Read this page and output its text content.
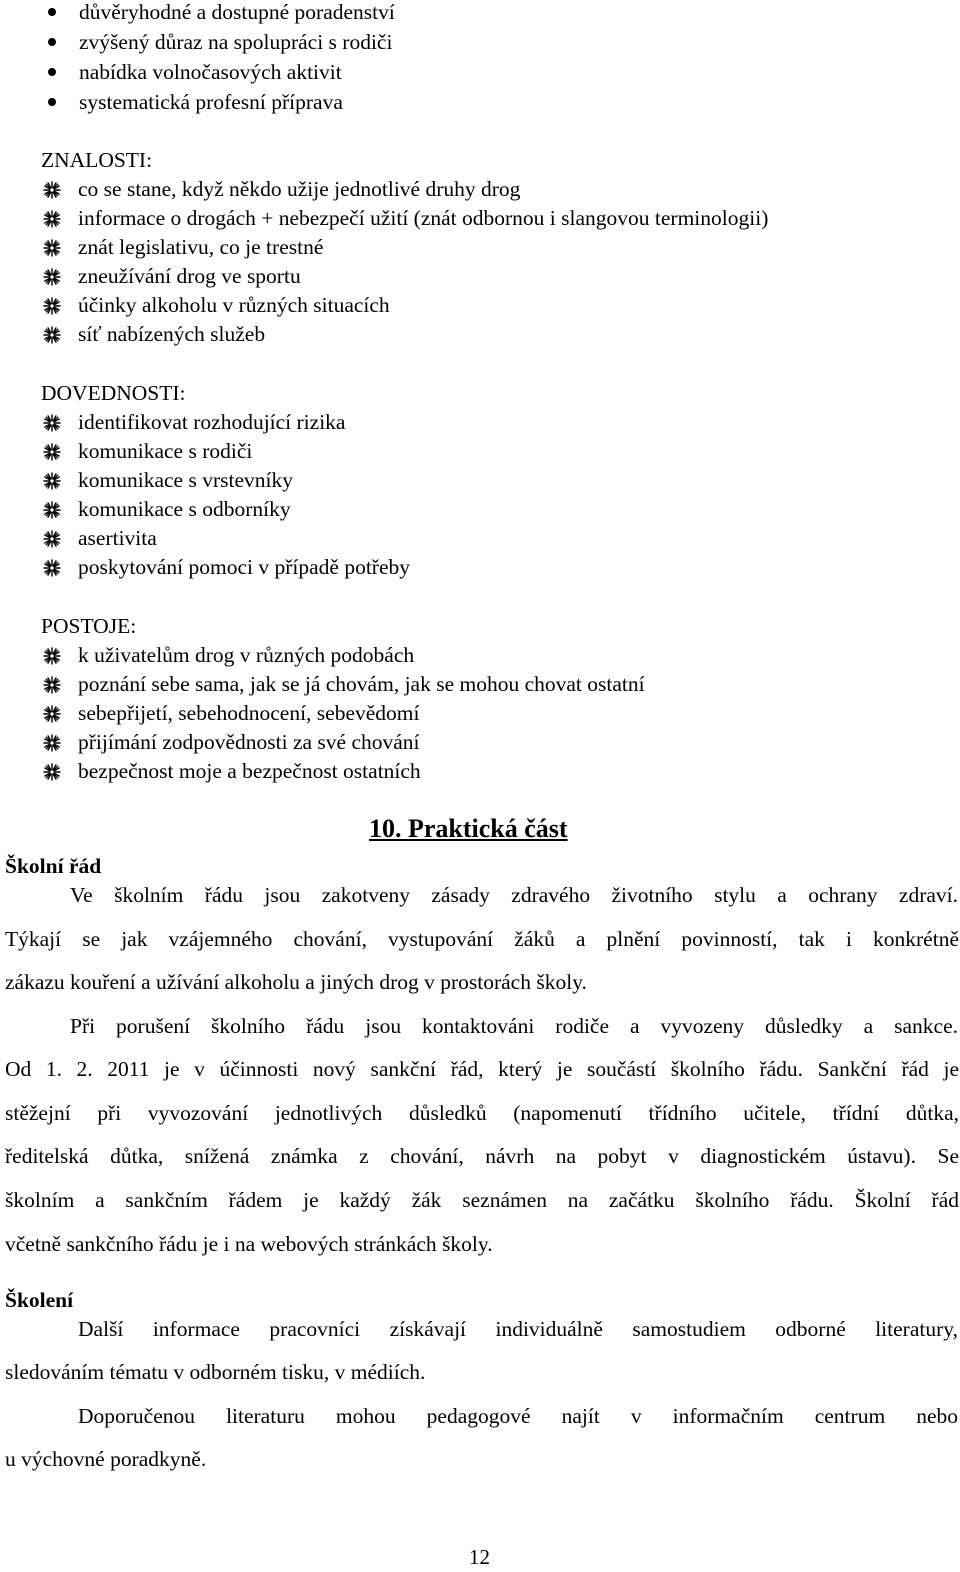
důvěryhodné a dostupné poradenství
zvýšený důraz na spolupráci s rodiči
nabídka volnočasových aktivit
systematická profesní příprava
ZNALOSTI:
co se stane, když někdo užije jednotlivé druhy drog
informace o drogách + nebezpečí užití (znát odbornou i slangovou terminologii)
znát legislativu, co je trestné
zneužívání drog ve sportu
účinky alkoholu v různých situacích
síť nabízených služeb
DOVEDNOSTI:
identifikovat rozhodující rizika
komunikace s rodiči
komunikace s vrstevníky
komunikace s odborníky
asertivita
poskytování pomoci v případě potřeby
POSTOJE:
k uživatelům drog v různých podobách
poznání sebe sama, jak se já chovám, jak se mohou chovat ostatní
sebepřijetí, sebehodnocení, sebevědomí
přijímání zodpovědnosti za své chování
bezpečnost moje a bezpečnost ostatních
10. Praktická část
Školní řád
Ve školním řádu jsou zakotveny zásady zdravého životního stylu a ochrany zdraví.
Týkají se jak vzájemného chování, vystupování žáků a plnění povinností, tak i konkrétně
zákazu kouření a užívání alkoholu a jiných drog v prostorách školy.
Při porušení školního řádu jsou kontaktováni rodiče a vyvozeny důsledky a sankce.
Od 1. 2. 2011 je v účinnosti nový sankční řád, který je součástí školního řádu. Sankční řád je
stěžejní při vyvozování jednotlivých důsledků (napomenutí třídního učitele, třídní důtka,
ředitelská důtka, snížená známka z chování, návrh na pobyt v diagnostickém ústavu). Se
školním a sankčním řádem je každý žák seznámen na začátku školního řádu. Školní řád
včetně sankčního řádu je i na webových stránkách školy.
Školení
Další informace pracovníci získávají individuálně samostudiem odborné literatury,
sledováním tématu v odborném tisku, v médiích.
Doporučenou literaturu mohou pedagogové najít v informačním centrum nebo
u výchovné poradkyně.
12
